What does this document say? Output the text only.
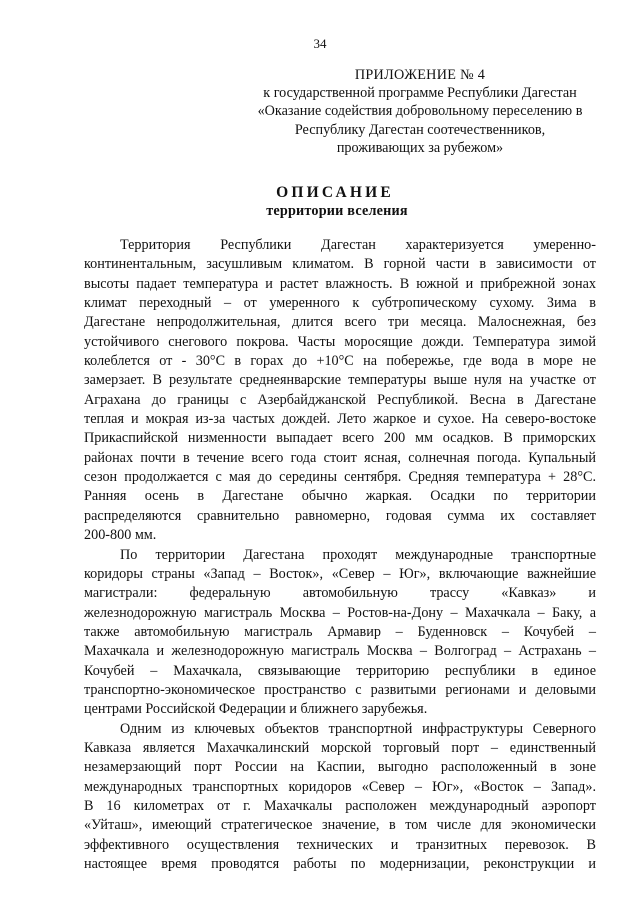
34
ПРИЛОЖЕНИЕ № 4
к государственной программе Республики Дагестан
«Оказание содействия добровольному переселению в
Республику Дагестан соотечественников,
проживающих за рубежом»
ОПИСАНИЕ
территории вселения

Территория Республики Дагестан характеризуется умеренно-
континентальным, засушливым климатом. В горной части в зависимости от
высоты падает температура и растет влажность. В южной и прибрежной зонах
климат переходный – от умеренного к субтропическому сухому. Зима в
Дагестане непродолжительная, длится всего три месяца. Малоснежная, без
устойчивого снегового покрова. Часты моросящие дожди. Температура зимой
колеблется от - 30°C в горах до +10°C на побережье, где вода в море не
замерзает. В результате среднеянварские температуры выше нуля на участке от
Аграхана до границы с Азербайджанской Республикой. Весна в Дагестане
теплая и мокрая из-за частых дождей. Лето жаркое и сухое. На северо-востоке
Прикаспийской низменности выпадает всего 200 мм осадков. В приморских
районах почти в течение всего года стоит ясная, солнечная погода. Купальный
сезон продолжается с мая до середины сентября. Средняя температура + 28°C.
Ранняя осень в Дагестане обычно жаркая. Осадки по территории
распределяются сравнительно равномерно, годовая сумма их составляет
200-800 мм.

По территории Дагестана проходят международные транспортные
коридоры страны «Запад – Восток», «Север – Юг», включающие важнейшие
магистрали: федеральную автомобильную трассу «Кавказ» и
железнодорожную магистраль Москва – Ростов-на-Дону – Махачкала – Баку, а
также автомобильную магистраль Армавир – Буденновск – Кочубей –
Махачкала и железнодорожную магистраль Москва – Волгоград – Астрахань –
Кочубей – Махачкала, связывающие территорию республики в единое
транспортно-экономическое пространство с развитыми регионами и деловыми
центрами Российской Федерации и ближнего зарубежья.

Одним из ключевых объектов транспортной инфраструктуры Северного
Кавказа является Махачкалинский морской торговый порт – единственный
незамерзающий порт России на Каспии, выгодно расположенный в зоне
международных транспортных коридоров «Север – Юг», «Восток – Запад».
В 16 километрах от г. Махачкалы расположен международный аэропорт
«Уйташ», имеющий стратегическое значение, в том числе для экономически
эффективного осуществления технических и транзитных перевозок. В
настоящее время проводятся работы по модернизации, реконструкции и
